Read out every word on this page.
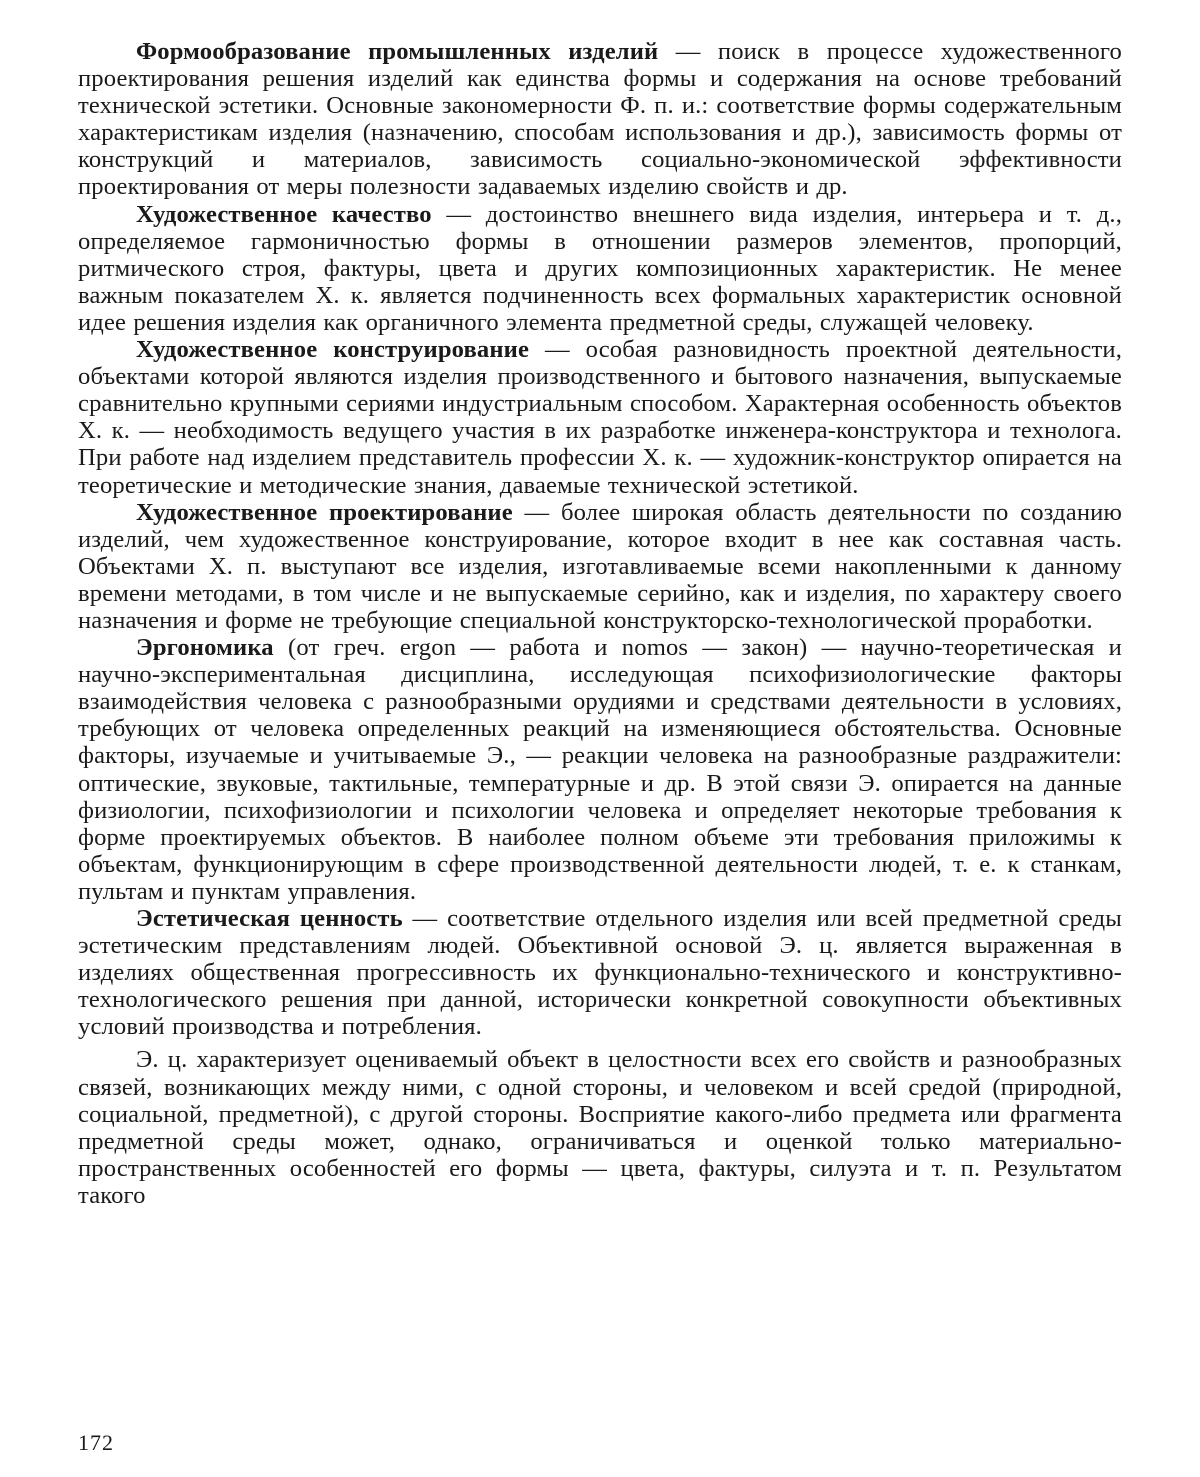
Формообразование промышленных изделий — поиск в процессе художественного проектирования решения изделий как единства формы и содержания на основе требований технической эстетики. Основные закономерности Ф. п. и.: соответствие формы содержательным характеристикам изделия (назначению, способам использования и др.), зависимость формы от конструкций и материалов, зависимость социально-экономической эффективности проектирования от меры полезности задаваемых изделию свойств и др.

Художественное качество — достоинство внешнего вида изделия, интерьера и т. д., определяемое гармоничностью формы в отношении размеров элементов, пропорций, ритмического строя, фактуры, цвета и других композиционных характеристик. Не менее важным показателем Х. к. является подчиненность всех формальных характеристик основной идее решения изделия как органичного элемента предметной среды, служащей человеку.

Художественное конструирование — особая разновидность проектной деятельности, объектами которой являются изделия производственного и бытового назначения, выпускаемые сравнительно крупными сериями индустриальным способом. Характерная особенность объектов Х. к. — необходимость ведущего участия в их разработке инженера-конструктора и технолога. При работе над изделием представитель профессии Х. к. — художник-конструктор опирается на теоретические и методические знания, даваемые технической эстетикой.

Художественное проектирование — более широкая область деятельности по созданию изделий, чем художественное конструирование, которое входит в нее как составная часть. Объектами Х. п. выступают все изделия, изготавливаемые всеми накопленными к данному времени методами, в том числе и не выпускаемые серийно, как и изделия, по характеру своего назначения и форме не требующие специальной конструкторско-технологической проработки.

Эргономика (от греч. ergon — работа и nomos — закон) — научно-теоретическая и научно-экспериментальная дисциплина, исследующая психофизиологические факторы взаимодействия человека с разнообразными орудиями и средствами деятельности в условиях, требующих от человека определенных реакций на изменяющиеся обстоятельства. Основные факторы, изучаемые и учитываемые Э., — реакции человека на разнообразные раздражители: оптические, звуковые, тактильные, температурные и др. В этой связи Э. опирается на данные физиологии, психофизиологии и психологии человека и определяет некоторые требования к форме проектируемых объектов. В наиболее полном объеме эти требования приложимы к объектам, функционирующим в сфере производственной деятельности людей, т. е. к станкам, пультам и пунктам управления.

Эстетическая ценность — соответствие отдельного изделия или всей предметной среды эстетическим представлениям людей. Объективной основой Э. ц. является выраженная в изделиях общественная прогрессивность их функционально-технического и конструктивно-технологического решения при данной, исторически конкретной совокупности объективных условий производства и потребления.

Э. ц. характеризует оцениваемый объект в целостности всех его свойств и разнообразных связей, возникающих между ними, с одной стороны, и человеком и всей средой (природной, социальной, предметной), с другой стороны. Восприятие какого-либо предмета или фрагмента предметной среды может, однако, ограничиваться и оценкой только материально-пространственных особенностей его формы — цвета, фактуры, силуэта и т. п. Результатом такого

172
